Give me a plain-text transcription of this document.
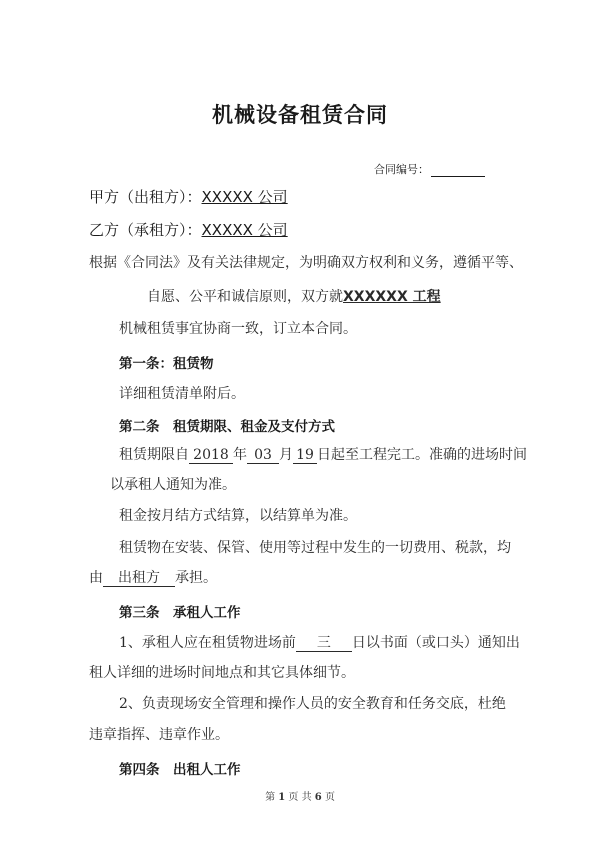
机械设备租赁合同
合同编号：
甲方（出租方）：XXXXX 公司
乙方（承租方）：XXXXX 公司
根据《合同法》及有关法律规定，为明确双方权利和义务，遵循平等、
自愿、公平和诚信原则，双方就XXXXXX 工程
机械租赁事宜协商一致，订立本合同。
第一条：租赁物
详细租赁清单附后。
第二条　租赁期限、租金及支付方式
租赁期限自 2018 年 03 月 19 日起至工程完工。准确的进场时间
以承租人通知为准。
租金按月结方式结算，以结算单为准。
租赁物在安装、保管、使用等过程中发生的一切费用、税款，均
由 出租方 承担。
第三条　承租人工作
1、承租人应在租赁物进场前 三 日以书面（或口头）通知出
租人详细的进场时间地点和其它具体细节。
2、负责现场安全管理和操作人员的安全教育和任务交底，杜绝
违章指挥、违章作业。
第四条　出租人工作
第 1 页 共 6 页
